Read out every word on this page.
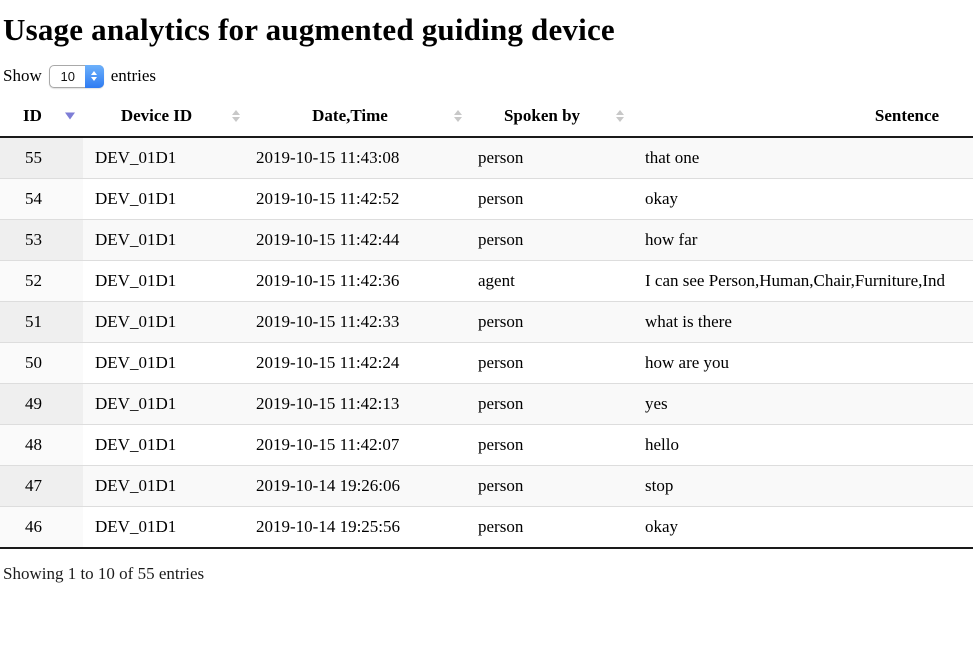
Usage analytics for augmented guiding device
Show	10	entries
ID	Device ID	Date,Time	Spoken by	Sentence

55	DEV_01D1	2019-10-15 11:43:08	person	that one
54	DEV_01D1	2019-10-15 11:42:52	person	okay
53	DEV_01D1	2019-10-15 11:42:44	person	how far
52	DEV_01D1	2019-10-15 11:42:36	agent	I can see Person,Human,Chair,Furniture,Ind
51	DEV_01D1	2019-10-15 11:42:33	person	what is there
50	DEV_01D1	2019-10-15 11:42:24	person	how are you
49	DEV_01D1	2019-10-15 11:42:13	person	yes
48	DEV_01D1	2019-10-15 11:42:07	person	hello
47	DEV_01D1	2019-10-14 19:26:06	person	stop
46	DEV_01D1	2019-10-14 19:25:56	person	okay
Showing 1 to 10 of 55 entries
